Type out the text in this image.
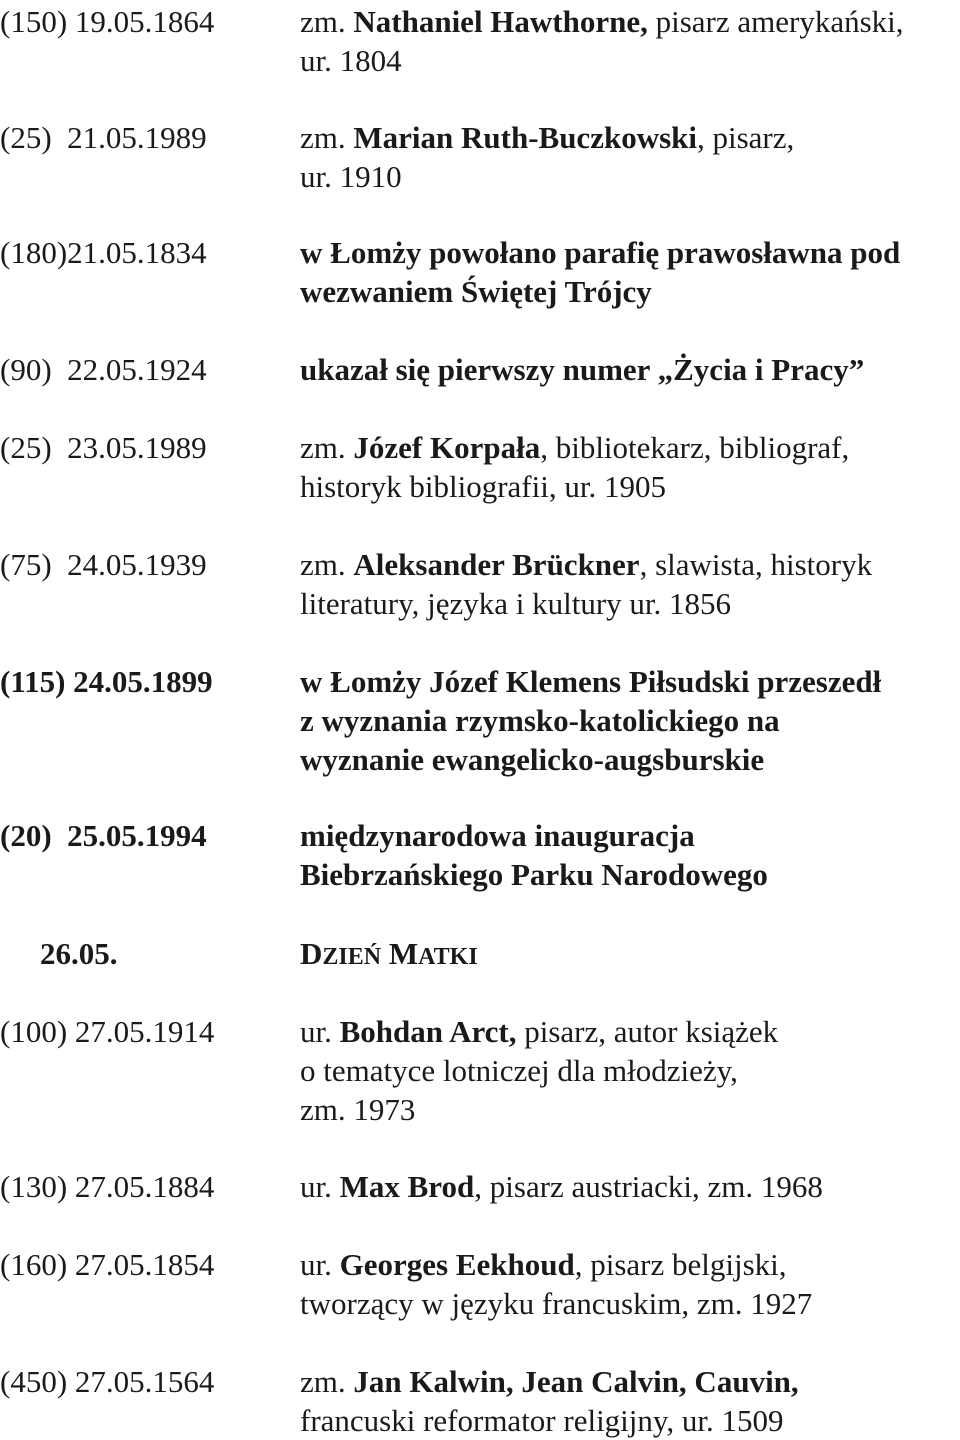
(150) 19.05.1864	zm. Nathaniel Hawthorne, pisarz amerykański,
ur. 1804
(25)  21.05.1989	zm. Marian Ruth-Buczkowski, pisarz,
ur. 1910
(180)21.05.1834	w Łomży powołano parafię prawosławna pod
wezwaniem Świętej Trójcy
(90)  22.05.1924	ukazał się pierwszy numer „Życia i Pracy”
(25)  23.05.1989	zm. Józef Korpała, bibliotekarz, bibliograf,
historyk bibliografii, ur. 1905
(75)  24.05.1939	zm. Aleksander Brückner, slawista, historyk
literatury, języka i kultury ur. 1856
(115) 24.05.1899	w Łomży Józef Klemens Piłsudski przeszedł
z wyznania rzymsko-katolickiego na
wyznanie ewangelicko-augsburskie
(20)  25.05.1994	międzynarodowa inauguracja
Biebrzańskiego Parku Narodowego
26.05.	DZIEŃ MATKI
(100) 27.05.1914	ur. Bohdan Arct, pisarz, autor książek
o tematyce lotniczej dla młodzieży,
zm. 1973
(130) 27.05.1884	ur. Max Brod, pisarz austriacki, zm. 1968
(160) 27.05.1854	ur. Georges Eekhoud, pisarz belgijski,
tworzący w języku francuskim, zm. 1927
(450) 27.05.1564	zm. Jan Kalwin, Jean Calvin, Cauvin,
francuski reformator religijny, ur. 1509
